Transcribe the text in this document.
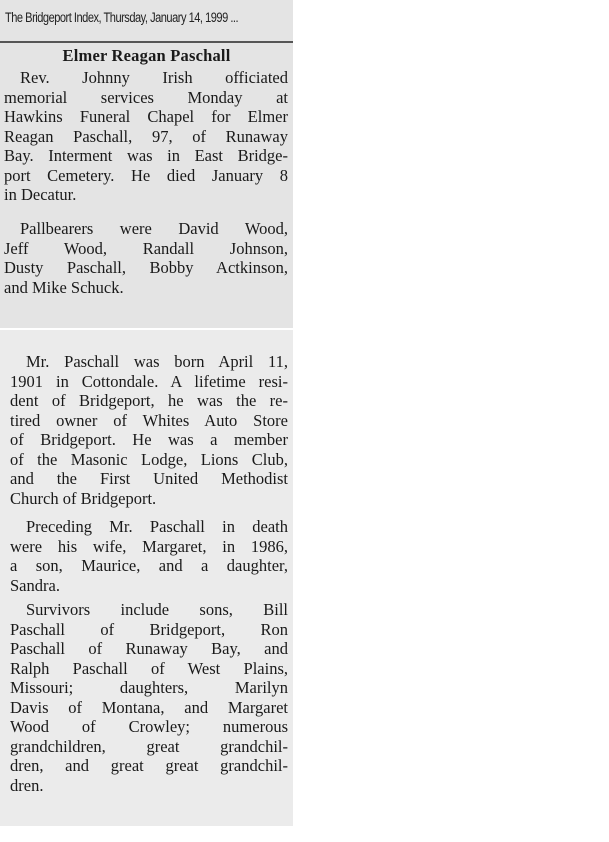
The Bridgeport Index, Thursday, January 14, 1999 ...
Elmer Reagan Paschall
Rev. Johnny Irish officiated
memorial services Monday at
Hawkins Funeral Chapel for Elmer
Reagan Paschall, 97, of Runaway
Bay. Interment was in East Bridge-
port Cemetery. He died January 8
in Decatur.
Pallbearers were David Wood,
Jeff Wood, Randall Johnson,
Dusty Paschall, Bobby Actkinson,
and Mike Schuck.
Mr. Paschall was born April 11,
1901 in Cottondale. A lifetime resi-
dent of Bridgeport, he was the re-
tired owner of Whites Auto Store
of Bridgeport. He was a member
of the Masonic Lodge, Lions Club,
and the First United Methodist
Church of Bridgeport.
Preceding Mr. Paschall in death
were his wife, Margaret, in 1986,
a son, Maurice, and a daughter,
Sandra.
Survivors include sons, Bill
Paschall of Bridgeport, Ron
Paschall of Runaway Bay, and
Ralph Paschall of West Plains,
Missouri; daughters, Marilyn
Davis of Montana, and Margaret
Wood of Crowley; numerous
grandchildren, great grandchil-
dren, and great great grandchil-
dren.
